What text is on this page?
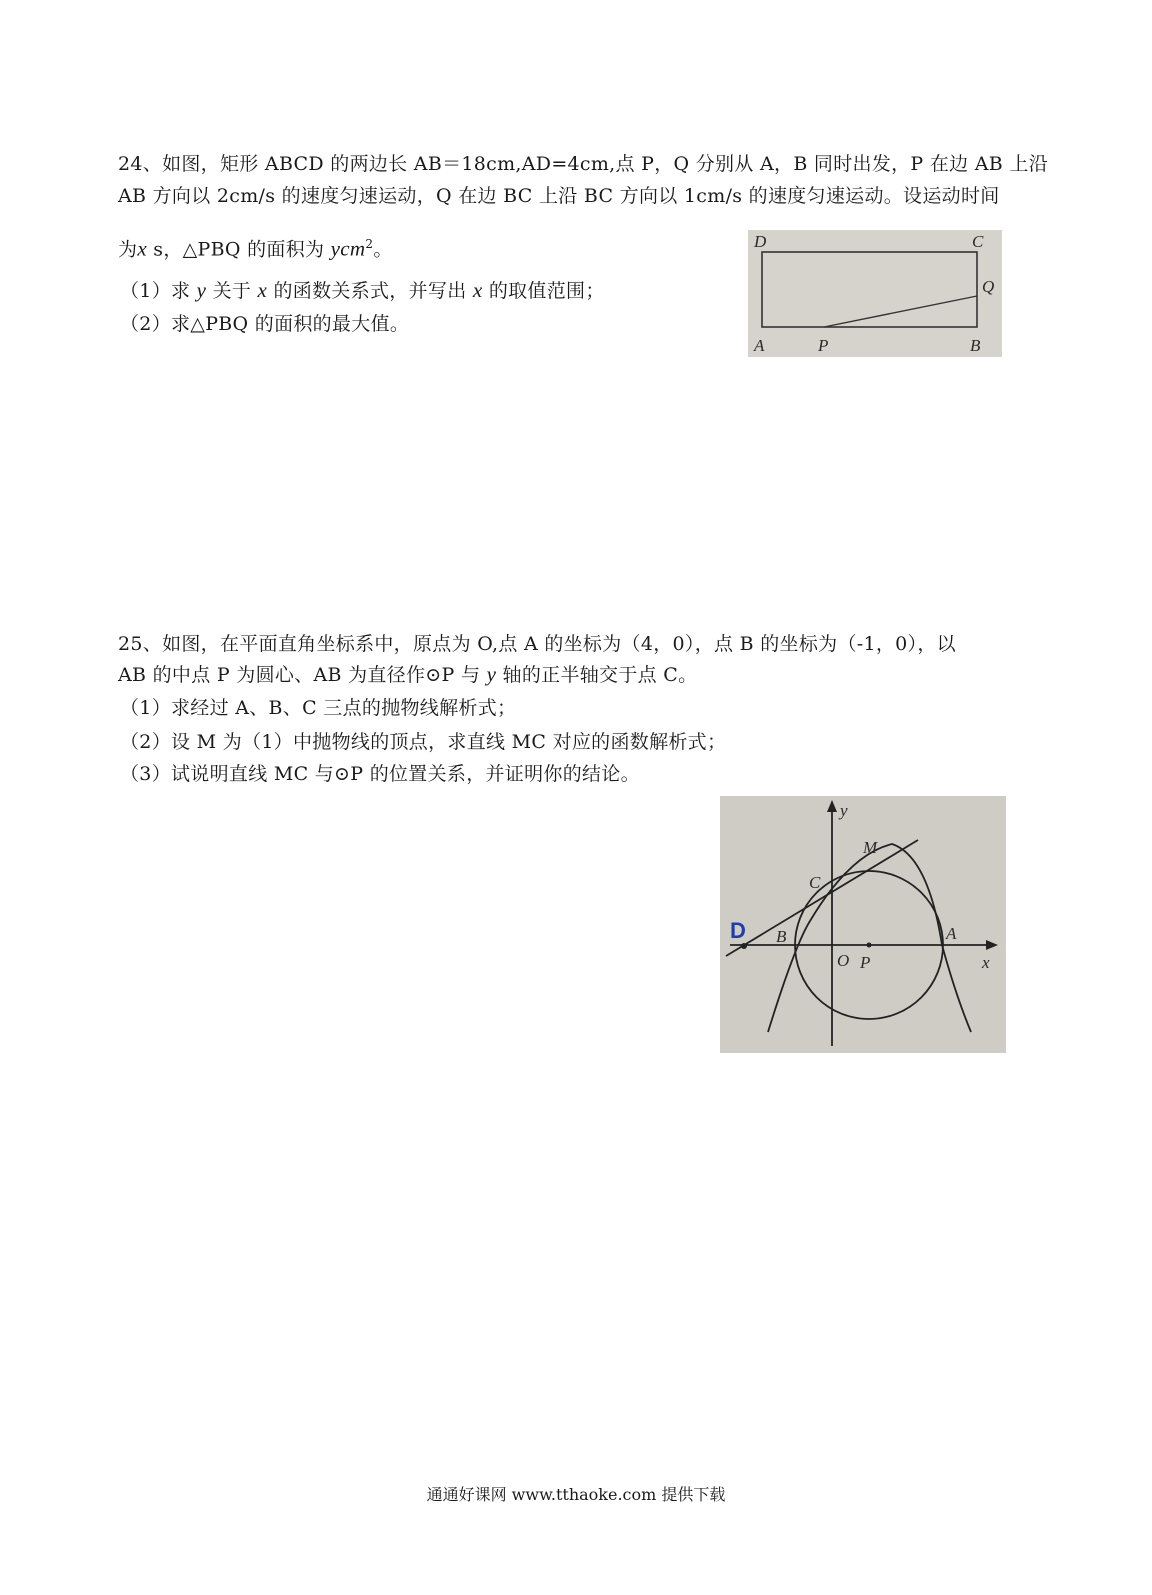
24、如图，矩形 ABCD 的两边长 AB＝18cm,AD=4cm,点 P，Q 分别从 A，B 同时出发，P 在边 AB 上沿
AB 方向以 2cm/s 的速度匀速运动，Q 在边 BC 上沿 BC 方向以 1cm/s 的速度匀速运动。设运动时间
为x s，△PBQ 的面积为 ycm$^2$。
（1）求 y 关于 x 的函数关系式，并写出 x 的取值范围；
（2）求△PBQ 的面积的最大值。
D	C
Q
A	P	B
25、如图，在平面直角坐标系中，原点为 O,点 A 的坐标为（4，0），点 B 的坐标为（-1，0），以
AB 的中点 P 为圆心、AB 为直径作⊙P 与 y 轴的正半轴交于点 C。
（1）求经过 A、B、C 三点的抛物线解析式；
（2）设 M 为（1）中抛物线的顶点，求直线 MC 对应的函数解析式；
（3）试说明直线 MC 与⊙P 的位置关系，并证明你的结论。
y
x
M
C
D B	A
O P
通通好课网 www.tthaoke.com 提供下载
